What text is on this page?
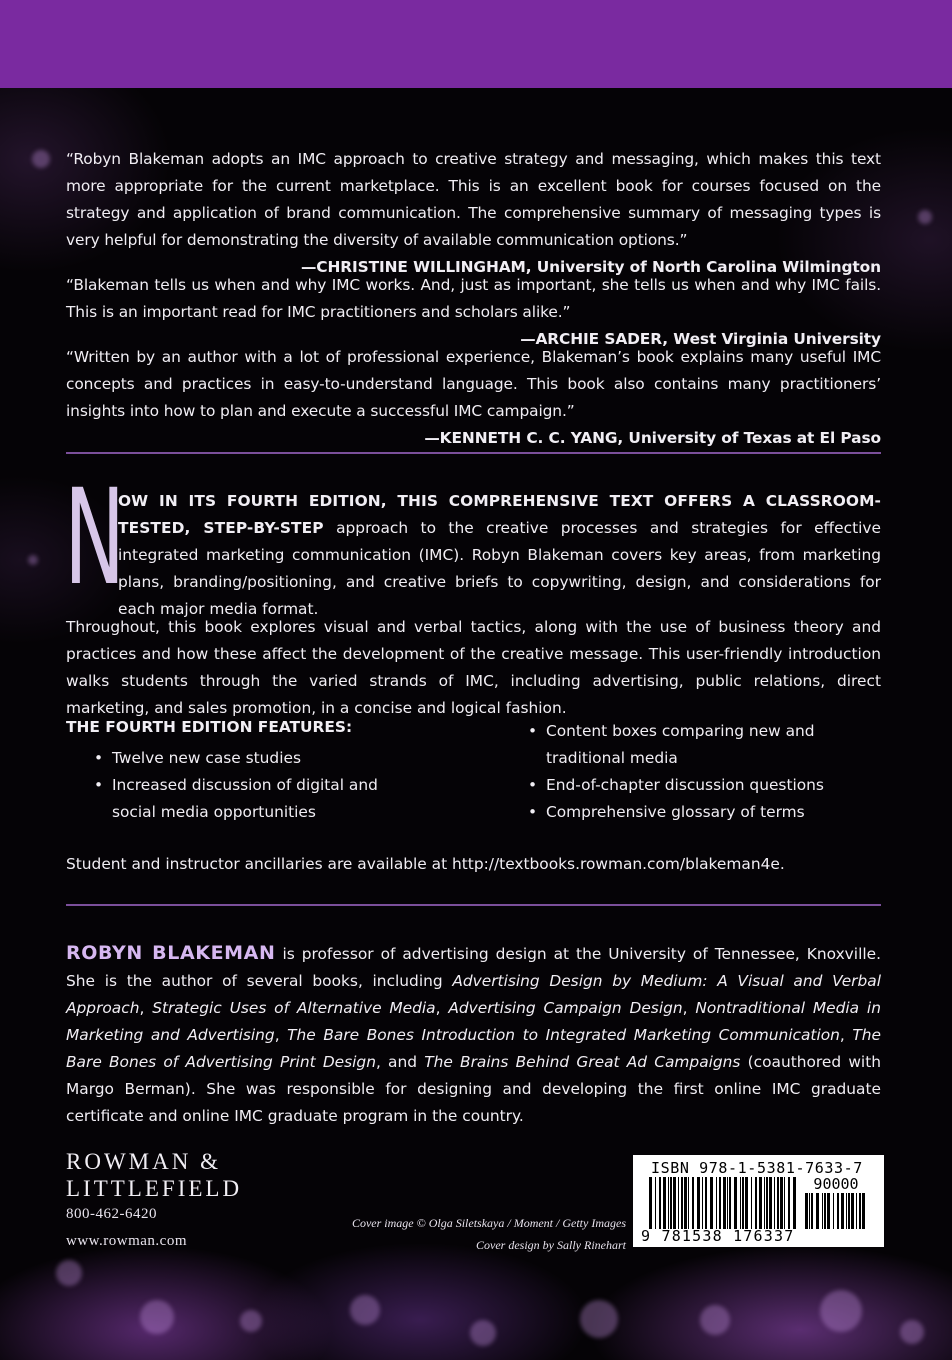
“Robyn Blakeman adopts an IMC approach to creative strategy and messaging, which makes this text more appropriate for the current marketplace. This is an excellent book for courses focused on the strategy and application of brand communication. The comprehensive summary of messaging types is very helpful for demonstrating the diversity of available communication options.”
—CHRISTINE WILLINGHAM, University of North Carolina Wilmington
“Blakeman tells us when and why IMC works. And, just as important, she tells us when and why IMC fails. This is an important read for IMC practitioners and scholars alike.”
—ARCHIE SADER, West Virginia University
“Written by an author with a lot of professional experience, Blakeman’s book explains many useful IMC concepts and practices in easy-to-understand language. This book also contains many practitioners’ insights into how to plan and execute a successful IMC campaign.”
—KENNETH C. C. YANG, University of Texas at El Paso
N
OW IN ITS FOURTH EDITION, THIS COMPREHENSIVE TEXT OFFERS A CLASSROOM-TESTED, STEP-BY-STEP approach to the creative processes and strategies for effective integrated marketing communication (IMC). Robyn Blakeman covers key areas, from marketing plans, branding/positioning, and creative briefs to copywriting, design, and considerations for each major media format.
Throughout, this book explores visual and verbal tactics, along with the use of business theory and practices and how these affect the development of the creative message. This user-friendly introduction walks students through the varied strands of IMC, including advertising, public relations, direct marketing, and sales promotion, in a concise and logical fashion.
THE FOURTH EDITION FEATURES:
• Twelve new case studies
• Increased discussion of digital and social media opportunities
• Content boxes comparing new and traditional media
• End-of-chapter discussion questions
• Comprehensive glossary of terms
Student and instructor ancillaries are available at http://textbooks.rowman.com/blakeman4e.
ROBYN BLAKEMAN is professor of advertising design at the University of Tennessee, Knoxville. She is the author of several books, including Advertising Design by Medium: A Visual and Verbal Approach, Strategic Uses of Alternative Media, Advertising Campaign Design, Nontraditional Media in Marketing and Advertising, The Bare Bones Introduction to Integrated Marketing Communication, The Bare Bones of Advertising Print Design, and The Brains Behind Great Ad Campaigns (coauthored with Margo Berman). She was responsible for designing and developing the first online IMC graduate certificate and online IMC graduate program in the country.
ROWMAN &
LITTLEFIELD
800-462-6420
www.rowman.com
Cover image © Olga Siletskaya / Moment / Getty Images
Cover design by Sally Rinehart
ISBN 978-1-5381-7633-7
90000
9 781538 176337
